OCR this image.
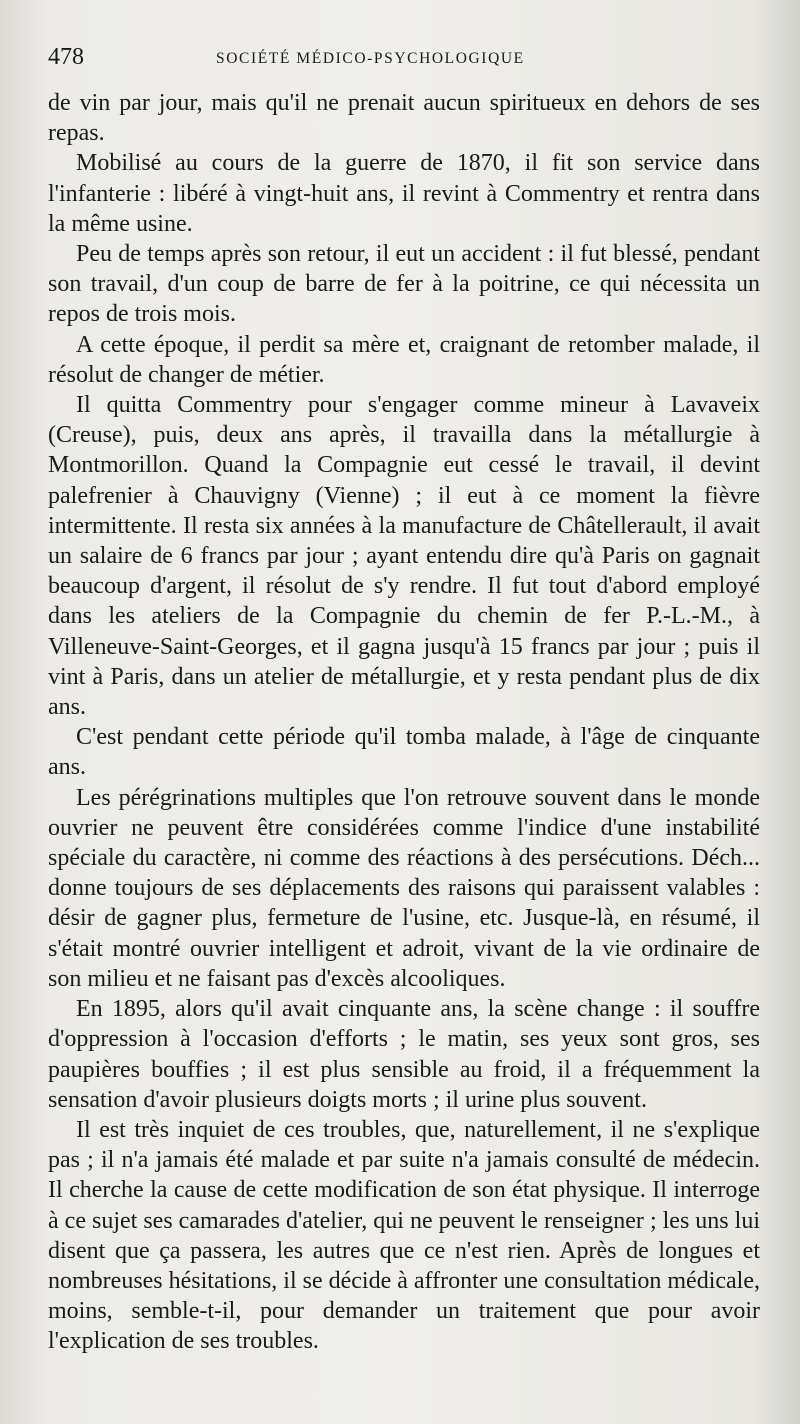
478	SOCIÉTÉ MÉDICO-PSYCHOLOGIQUE

de vin par jour, mais qu'il ne prenait aucun spiritueux en dehors de ses repas.

Mobilisé au cours de la guerre de 1870, il fit son service dans l'infanterie : libéré à vingt-huit ans, il revint à Commentry et rentra dans la même usine.

Peu de temps après son retour, il eut un accident : il fut blessé, pendant son travail, d'un coup de barre de fer à la poitrine, ce qui nécessita un repos de trois mois.

A cette époque, il perdit sa mère et, craignant de retomber malade, il résolut de changer de métier.

Il quitta Commentry pour s'engager comme mineur à Lavaveix (Creuse), puis, deux ans après, il travailla dans la métallurgie à Montmorillon. Quand la Compagnie eut cessé le travail, il devint palefrenier à Chauvigny (Vienne) ; il eut à ce moment la fièvre intermittente. Il resta six années à la manufacture de Châtellerault, il avait un salaire de 6 francs par jour ; ayant entendu dire qu'à Paris on gagnait beaucoup d'argent, il résolut de s'y rendre. Il fut tout d'abord employé dans les ateliers de la Compagnie du chemin de fer P.-L.-M., à Villeneuve-Saint-Georges, et il gagna jusqu'à 15 francs par jour ; puis il vint à Paris, dans un atelier de métallurgie, et y resta pendant plus de dix ans.

C'est pendant cette période qu'il tomba malade, à l'âge de cinquante ans.

Les pérégrinations multiples que l'on retrouve souvent dans le monde ouvrier ne peuvent être considérées comme l'indice d'une instabilité spéciale du caractère, ni comme des réactions à des persécutions. Déch... donne toujours de ses déplacements des raisons qui paraissent valables : désir de gagner plus, fermeture de l'usine, etc. Jusque-là, en résumé, il s'était montré ouvrier intelligent et adroit, vivant de la vie ordinaire de son milieu et ne faisant pas d'excès alcooliques.

En 1895, alors qu'il avait cinquante ans, la scène change : il souffre d'oppression à l'occasion d'efforts ; le matin, ses yeux sont gros, ses paupières bouffies ; il est plus sensible au froid, il a fréquemment la sensation d'avoir plusieurs doigts morts ; il urine plus souvent.

Il est très inquiet de ces troubles, que, naturellement, il ne s'explique pas ; il n'a jamais été malade et par suite n'a jamais consulté de médecin. Il cherche la cause de cette modification de son état physique. Il interroge à ce sujet ses camarades d'atelier, qui ne peuvent le renseigner ; les uns lui disent que ça passera, les autres que ce n'est rien. Après de longues et nombreuses hésitations, il se décide à affronter une consultation médicale, moins, semble-t-il, pour demander un traitement que pour avoir l'explication de ses troubles.
